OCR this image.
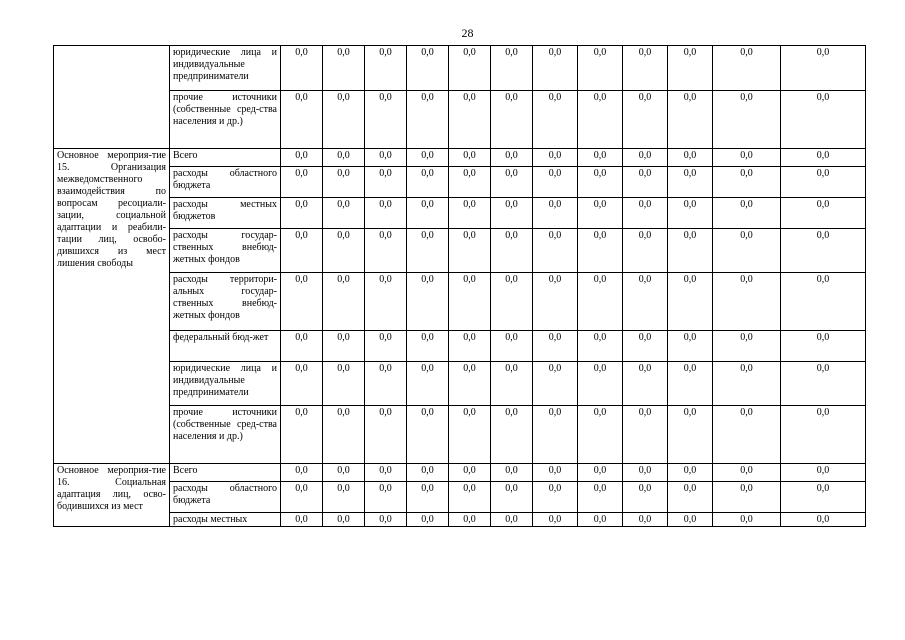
28
	юридические лица и индивидуальные предприниматели	0,0	0,0	0,0	0,0	0,0	0,0	0,0	0,0	0,0	0,0	0,0	0,0
	прочие источники (собственные сред-ства населения и др.)	0,0	0,0	0,0	0,0	0,0	0,0	0,0	0,0	0,0	0,0	0,0	0,0
Основное мероприя-тие 15. Организация межведомственного взаимодействия по вопросам ресоциали-зации, социальной адаптации и реабили-тации лиц, освобо-дившихся из мест лишения свободы	Всего	0,0	0,0	0,0	0,0	0,0	0,0	0,0	0,0	0,0	0,0	0,0	0,0
	расходы областного бюджета	0,0	0,0	0,0	0,0	0,0	0,0	0,0	0,0	0,0	0,0	0,0	0,0
	расходы местных бюджетов	0,0	0,0	0,0	0,0	0,0	0,0	0,0	0,0	0,0	0,0	0,0	0,0
	расходы государ-ственных внебюд-жетных фондов	0,0	0,0	0,0	0,0	0,0	0,0	0,0	0,0	0,0	0,0	0,0	0,0
	расходы территори-альных государ-ственных внебюд-жетных фондов	0,0	0,0	0,0	0,0	0,0	0,0	0,0	0,0	0,0	0,0	0,0	0,0
	федеральный бюд-жет	0,0	0,0	0,0	0,0	0,0	0,0	0,0	0,0	0,0	0,0	0,0	0,0
	юридические лица и индивидуальные предприниматели	0,0	0,0	0,0	0,0	0,0	0,0	0,0	0,0	0,0	0,0	0,0	0,0
	прочие источники (собственные сред-ства населения и др.)	0,0	0,0	0,0	0,0	0,0	0,0	0,0	0,0	0,0	0,0	0,0	0,0
Основное мероприя-тие 16. Социальная адаптация лиц, осво-бодившихся из мест	Всего	0,0	0,0	0,0	0,0	0,0	0,0	0,0	0,0	0,0	0,0	0,0	0,0
	расходы областного бюджета	0,0	0,0	0,0	0,0	0,0	0,0	0,0	0,0	0,0	0,0	0,0	0,0
	расходы местных	0,0	0,0	0,0	0,0	0,0	0,0	0,0	0,0	0,0	0,0	0,0	0,0
